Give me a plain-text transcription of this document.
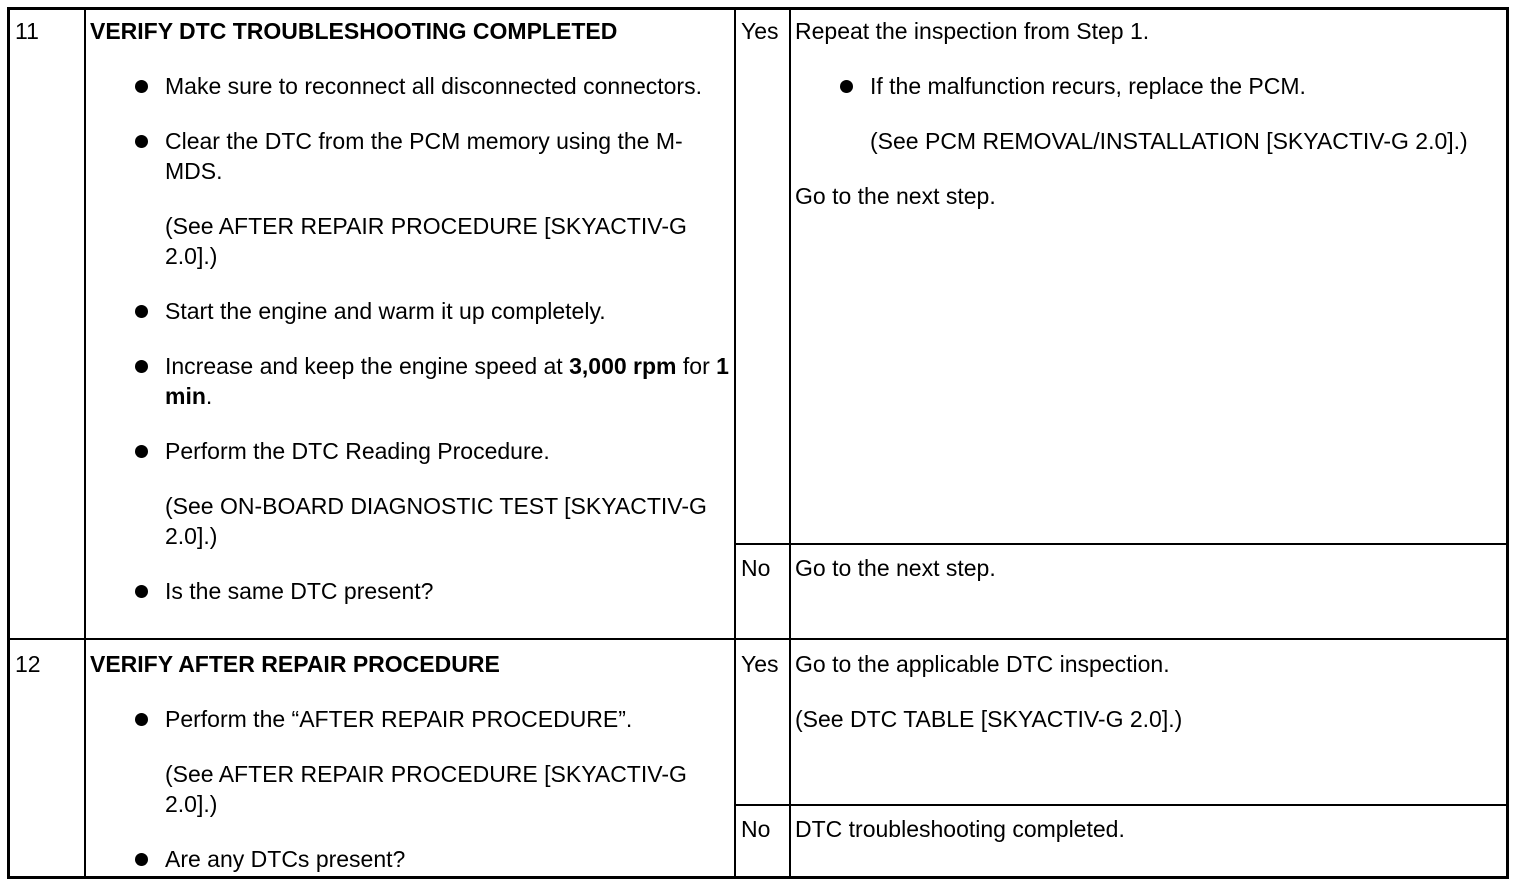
11	VERIFY DTC TROUBLESHOOTING COMPLETED
Make sure to reconnect all disconnected connectors.
Clear the DTC from the PCM memory using the M-MDS.
(See AFTER REPAIR PROCEDURE [SKYACTIV-G 2.0].)
Start the engine and warm it up completely.
Increase and keep the engine speed at 3,000 rpm for 1 min.
Perform the DTC Reading Procedure.
(See ON-BOARD DIAGNOSTIC TEST [SKYACTIV-G 2.0].)
Is the same DTC present?
Yes Repeat the inspection from Step 1.
If the malfunction recurs, replace the PCM.
(See PCM REMOVAL/INSTALLATION [SKYACTIV-G 2.0].)
Go to the next step.
No	Go to the next step.
12	VERIFY AFTER REPAIR PROCEDURE
Perform the “AFTER REPAIR PROCEDURE”.
(See AFTER REPAIR PROCEDURE [SKYACTIV-G 2.0].)
Are any DTCs present?
Yes Go to the applicable DTC inspection.
(See DTC TABLE [SKYACTIV-G 2.0].)
No	DTC troubleshooting completed.
